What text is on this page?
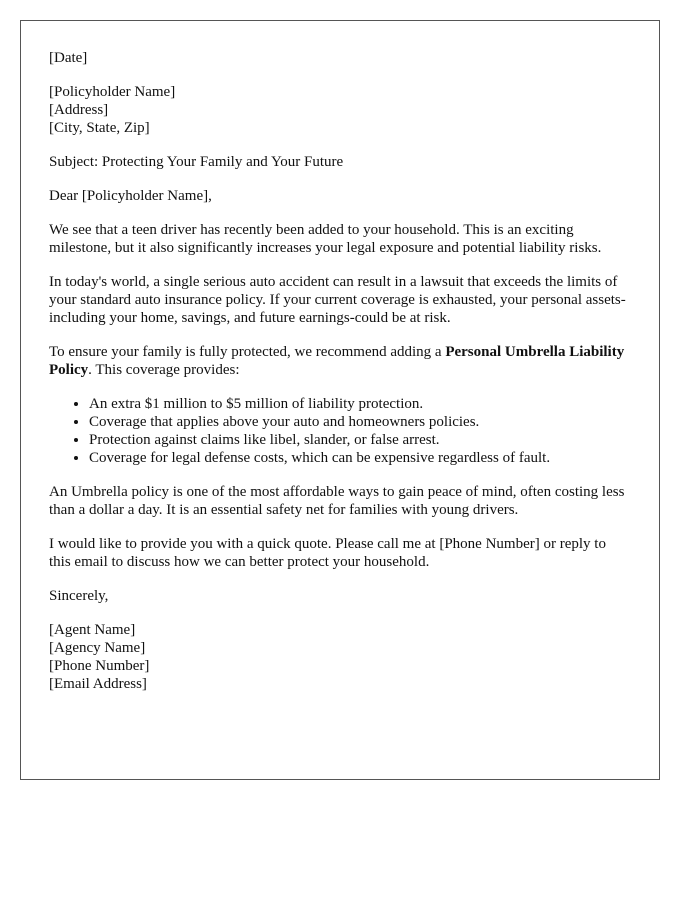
[Date]

[Policyholder Name]
[Address]
[City, State, Zip]

Subject: Protecting Your Family and Your Future

Dear [Policyholder Name],

We see that a teen driver has recently been added to your household. This is an exciting milestone, but it also significantly increases your legal exposure and potential liability risks.

In today's world, a single serious auto accident can result in a lawsuit that exceeds the limits of your standard auto insurance policy. If your current coverage is exhausted, your personal assets-including your home, savings, and future earnings-could be at risk.

To ensure your family is fully protected, we recommend adding a Personal Umbrella Liability Policy. This coverage provides:

• An extra $1 million to $5 million of liability protection.
• Coverage that applies above your auto and homeowners policies.
• Protection against claims like libel, slander, or false arrest.
• Coverage for legal defense costs, which can be expensive regardless of fault.

An Umbrella policy is one of the most affordable ways to gain peace of mind, often costing less than a dollar a day. It is an essential safety net for families with young drivers.

I would like to provide you with a quick quote. Please call me at [Phone Number] or reply to this email to discuss how we can better protect your household.

Sincerely,

[Agent Name]
[Agency Name]
[Phone Number]
[Email Address]
